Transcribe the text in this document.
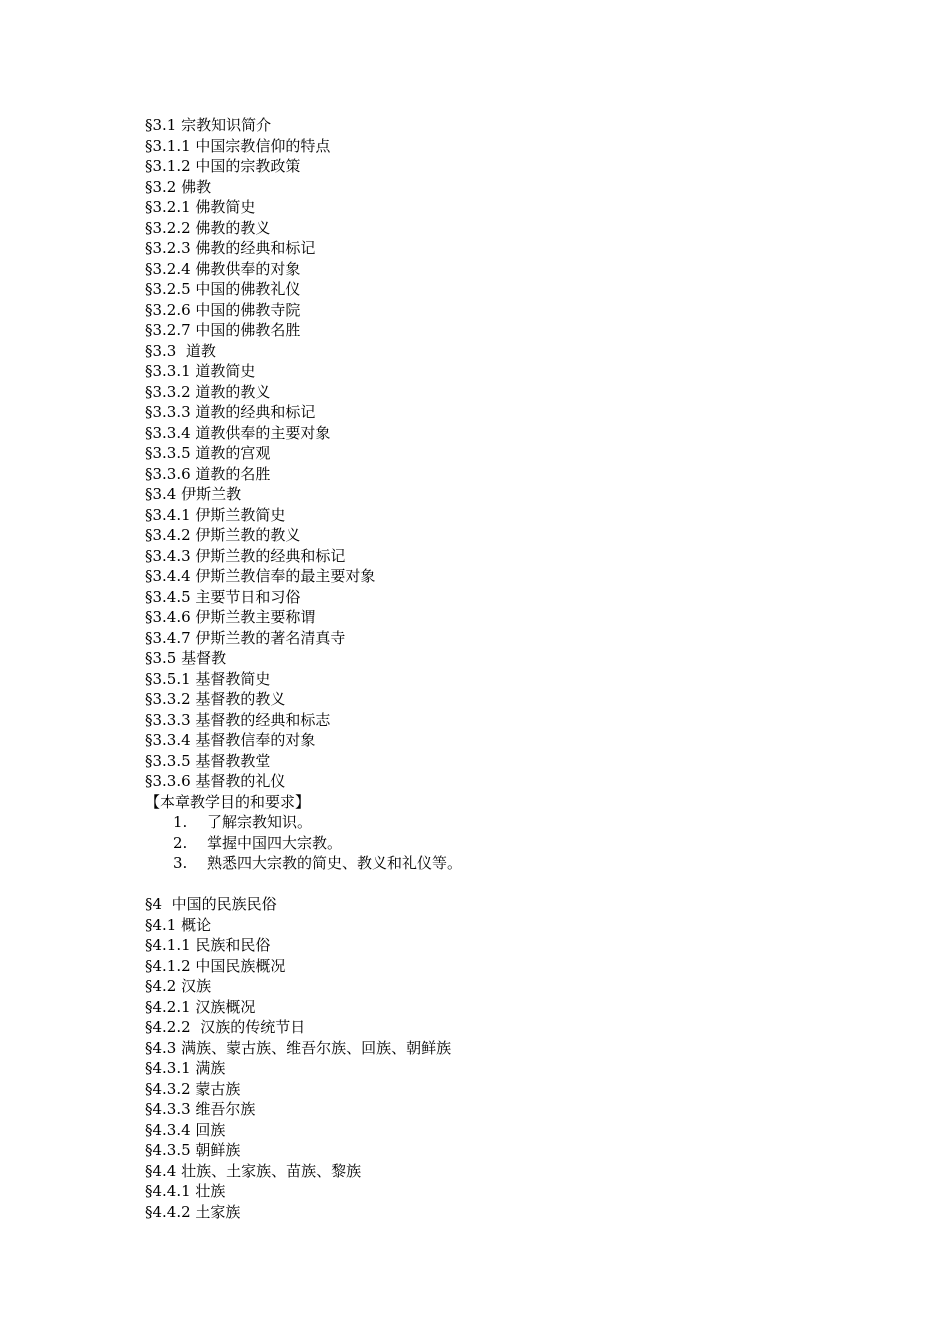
§3.1 宗教知识简介
§3.1.1 中国宗教信仰的特点
§3.1.2 中国的宗教政策
§3.2 佛教
§3.2.1 佛教简史
§3.2.2 佛教的教义
§3.2.3 佛教的经典和标记
§3.2.4 佛教供奉的对象
§3.2.5 中国的佛教礼仪
§3.2.6 中国的佛教寺院
§3.2.7 中国的佛教名胜
§3.3  道教
§3.3.1 道教简史
§3.3.2 道教的教义
§3.3.3 道教的经典和标记
§3.3.4 道教供奉的主要对象
§3.3.5 道教的宫观
§3.3.6 道教的名胜
§3.4 伊斯兰教
§3.4.1 伊斯兰教简史
§3.4.2 伊斯兰教的教义
§3.4.3 伊斯兰教的经典和标记
§3.4.4 伊斯兰教信奉的最主要对象
§3.4.5 主要节日和习俗
§3.4.6 伊斯兰教主要称谓
§3.4.7 伊斯兰教的著名清真寺
§3.5 基督教
§3.5.1 基督教简史
§3.3.2 基督教的教义
§3.3.3 基督教的经典和标志
§3.3.4 基督教信奉的对象
§3.3.5 基督教教堂
§3.3.6 基督教的礼仪
【本章教学目的和要求】
1.	了解宗教知识。
2.	掌握中国四大宗教。
3.	熟悉四大宗教的简史、教义和礼仪等。
§4  中国的民族民俗
§4.1 概论
§4.1.1 民族和民俗
§4.1.2 中国民族概况
§4.2 汉族
§4.2.1 汉族概况
§4.2.2  汉族的传统节日
§4.3 满族、蒙古族、维吾尔族、回族、朝鲜族
§4.3.1 满族
§4.3.2 蒙古族
§4.3.3 维吾尔族
§4.3.4 回族
§4.3.5 朝鲜族
§4.4 壮族、土家族、苗族、黎族
§4.4.1 壮族
§4.4.2 土家族
